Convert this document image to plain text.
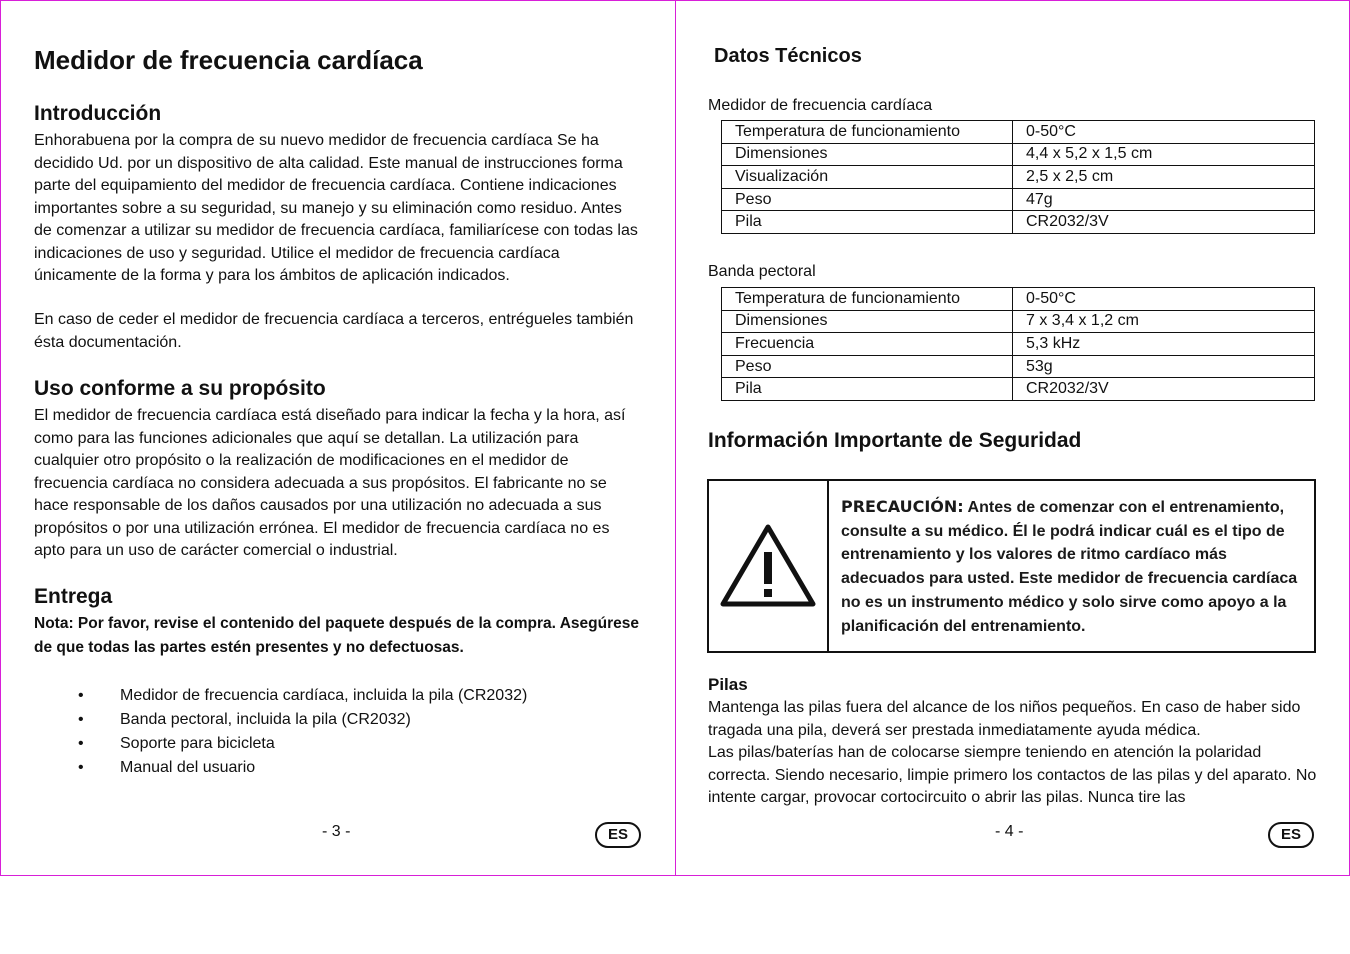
Medidor de frecuencia cardíaca
Introducción

Enhorabuena por la compra de su nuevo medidor de frecuencia cardíaca Se ha decidido Ud. por un dispositivo de alta calidad. Este manual de instrucciones forma parte del equipamiento del medidor de frecuencia cardíaca. Contiene indicaciones importantes sobre a su seguridad, su manejo y su eliminación como residuo. Antes de comenzar a utilizar su medidor de frecuencia cardíaca, familiarícese con todas las indicaciones de uso y seguridad. Utilice el medidor de frecuencia cardíaca únicamente de la forma y para los ámbitos de aplicación indicados.

En caso de ceder el medidor de frecuencia cardíaca a terceros, entrégueles también ésta documentación.

Uso conforme a su propósito

El medidor de frecuencia cardíaca está diseñado para indicar la fecha y la hora, así como para las funciones adicionales que aquí se detallan. La utilización para cualquier otro propósito o la realización de modificaciones en el medidor de frecuencia cardíaca no considera adecuada a sus propósitos. El fabricante no se hace responsable de los daños causados por una utilización no adecuada a sus propósitos o por una utilización errónea. El medidor de frecuencia cardíaca no es apto para un uso de carácter comercial o industrial.

Entrega

Nota: Por favor, revise el contenido del paquete después de la compra. Asegúrese de que todas las partes estén presentes y no defectuosas.

• Medidor de frecuencia cardíaca, incluida la pila (CR2032)
• Banda pectoral, incluida la pila (CR2032)
• Soporte para bicicleta
• Manual del usuario
- 3 -	ES
Datos Técnicos
Medidor de frecuencia cardíaca
Temperatura de funcionamiento	0-50°C
Dimensiones	4,4 x 5,2 x 1,5 cm
Visualización	2,5 x 2,5 cm
Peso	47g
Pila	CR2032/3V
Banda pectoral
Temperatura de funcionamiento	0-50°C
Dimensiones	7 x 3,4 x 1,2 cm
Frecuencia	5,3 kHz
Peso	53g
Pila	CR2032/3V
Información Importante de Seguridad
PRECAUCIÓN: Antes de comenzar con el entrenamiento, consulte a su médico. Él le podrá indicar cuál es el tipo de entrenamiento y los valores de ritmo cardíaco más adecuados para usted. Este medidor de frecuencia cardíaca no es un instrumento médico y solo sirve como apoyo a la planificación del entrenamiento.
Pilas

Mantenga las pilas fuera del alcance de los niños pequeños. En caso de haber sido tragada una pila, deverá ser prestada inmediatamente ayuda médica.

Las pilas/baterías han de colocarse siempre teniendo en atención la polaridad correcta. Siendo necesario, limpie primero los contactos de las pilas y del aparato. No intente cargar, provocar cortocircuito o abrir las pilas. Nunca tire las

- 4 -	ES
